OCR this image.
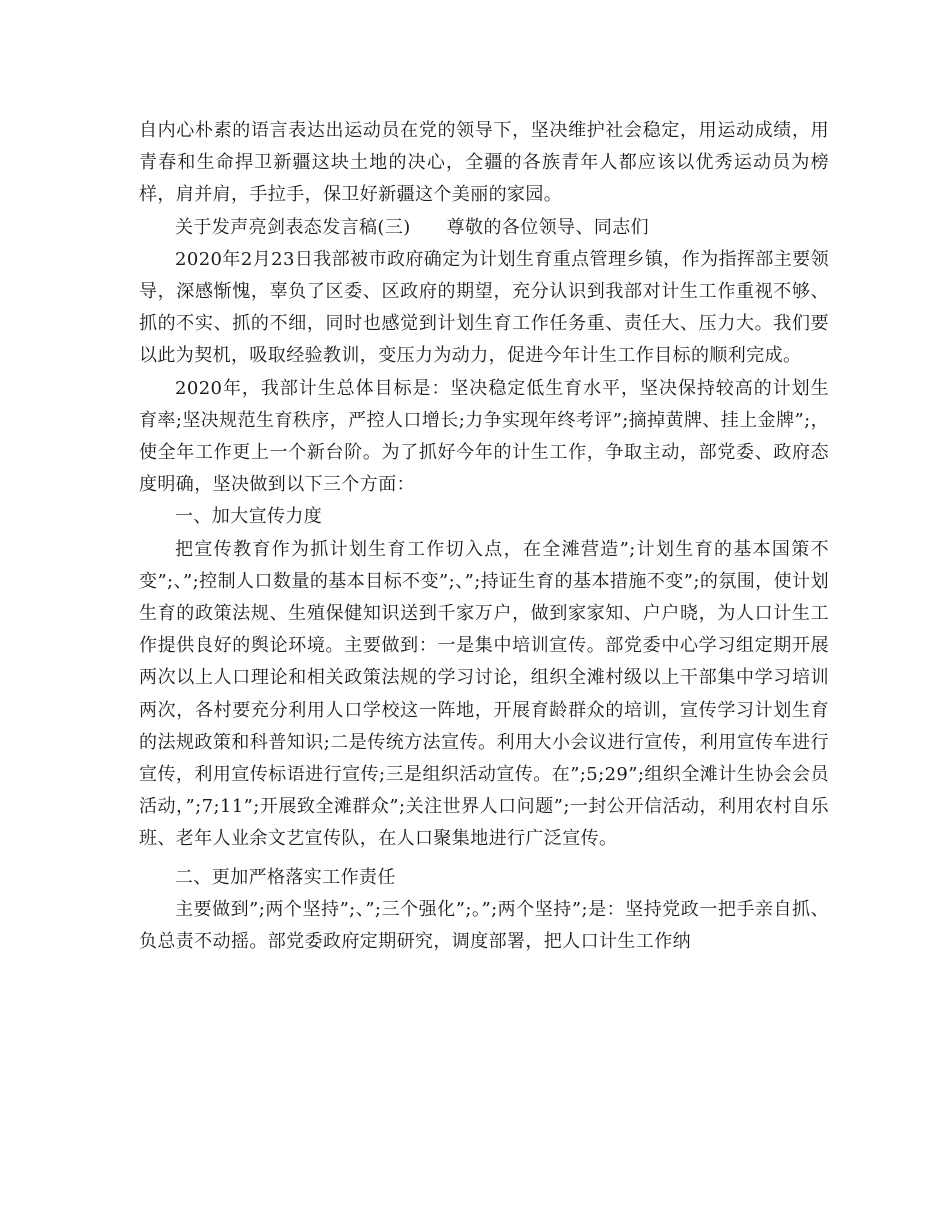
自内心朴素的语言表达出运动员在党的领导下，坚决维护社会稳定，用运动成绩，用青春和生命捍卫新疆这块土地的决心，全疆的各族青年人都应该以优秀运动员为榜样，肩并肩，手拉手，保卫好新疆这个美丽的家园。

关于发声亮剑表态发言稿(三) 尊敬的各位领导、同志们

2020年2月23日我部被市政府确定为计划生育重点管理乡镇，作为指挥部主要领导，深感惭愧，辜负了区委、区政府的期望，充分认识到我部对计生工作重视不够、抓的不实、抓的不细，同时也感觉到计划生育工作任务重、责任大、压力大。我们要以此为契机，吸取经验教训，变压力为动力，促进今年计生工作目标的顺利完成。

2020年，我部计生总体目标是：坚决稳定低生育水平，坚决保持较高的计划生育率;坚决规范生育秩序，严控人口增长;力争实现年终考评”;摘掉黄牌、挂上金牌”;，使全年工作更上一个新台阶。为了抓好今年的计生工作，争取主动，部党委、政府态度明确，坚决做到以下三个方面：

一、加大宣传力度

把宣传教育作为抓计划生育工作切入点，在全滩营造”;计划生育的基本国策不变”;、”;控制人口数量的基本目标不变”;、”;持证生育的基本措施不变”;的氛围，使计划生育的政策法规、生殖保健知识送到千家万户，做到家家知、户户晓，为人口计生工作提供良好的舆论环境。主要做到：一是集中培训宣传。部党委中心学习组定期开展两次以上人口理论和相关政策法规的学习讨论，组织全滩村级以上干部集中学习培训两次，各村要充分利用人口学校这一阵地，开展育龄群众的培训，宣传学习计划生育的法规政策和科普知识;二是传统方法宣传。利用大小会议进行宣传，利用宣传车进行宣传，利用宣传标语进行宣传;三是组织活动宣传。在”;5;29”;组织全滩计生协会会员活动，”;7;11”;开展致全滩群众”;关注世界人口问题”;一封公开信活动，利用农村自乐班、老年人业余文艺宣传队，在人口聚集地进行广泛宣传。

二、更加严格落实工作责任

主要做到”;两个坚持”;、”;三个强化”;。”;两个坚持”;是：坚持党政一把手亲自抓、负总责不动摇。部党委政府定期研究，调度部署，把人口计生工作纳
